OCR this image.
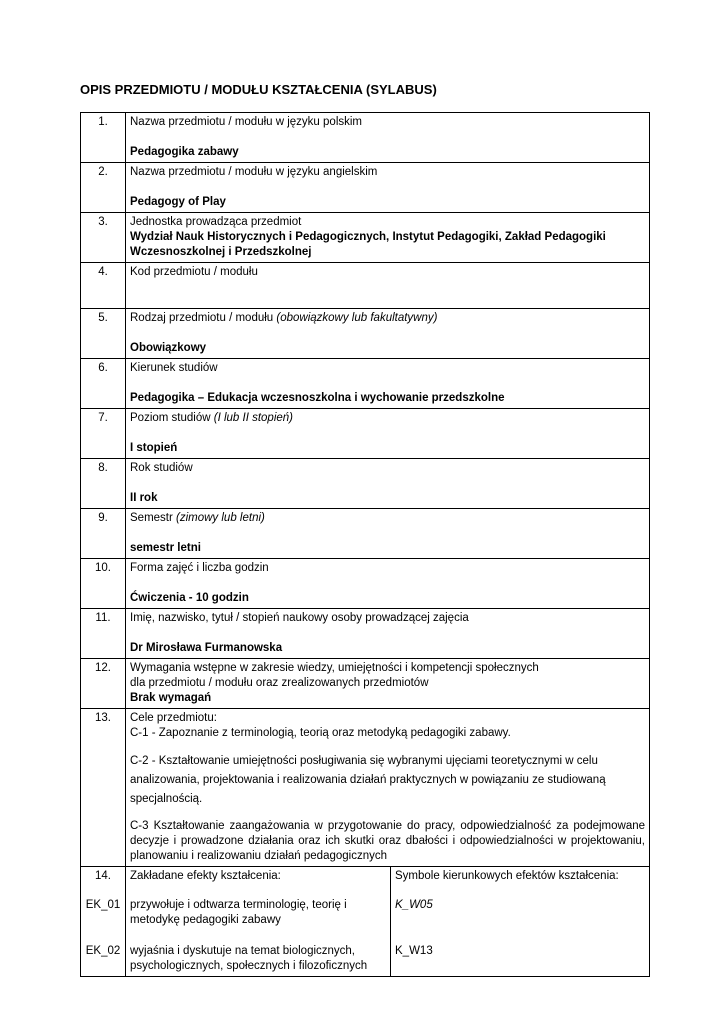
OPIS PRZEDMIOTU / MODUŁU KSZTAŁCENIA (SYLABUS)
1.	Nazwa przedmiotu / modułu w języku polskim
Pedagogika zabawy	

2.	Nazwa przedmiotu / modułu w języku angielskim
Pedagogy of Play	

3.	Jednostka prowadząca przedmiot
Wydział Nauk Historycznych i Pedagogicznych, Instytut Pedagogiki, Zakład Pedagogiki Wczesnoszkolnej i Przedszkolnej	

4.	Kod przedmiotu / modułu	

5.	Rodzaj przedmiotu / modułu (obowiązkowy lub fakultatywny)
Obowiązkowy	

6.	Kierunek studiów
Pedagogika – Edukacja wczesnoszkolna i wychowanie przedszkolne	

7.	Poziom studiów (I lub II stopień)
I stopień	

8.	Rok studiów
II rok	

9.	Semestr (zimowy lub letni)
semestr letni	

10.	Forma zajęć i liczba godzin
Ćwiczenia - 10 godzin	

11.	Imię, nazwisko, tytuł / stopień naukowy osoby prowadzącej zajęcia
Dr Mirosława Furmanowska	

12.	Wymagania wstępne w zakresie wiedzy, umiejętności i kompetencji społecznych
dla przedmiotu / modułu oraz zrealizowanych przedmiotów
Brak wymagań	

13.	Cele przedmiotu:
C-1 - Zapoznanie z terminologią, teorią oraz metodyką pedagogiki zabawy.
C-2 - Kształtowanie umiejętności posługiwania się wybranymi ujęciami teoretycznymi w celu analizowania, projektowania i realizowania działań praktycznych w powiązaniu ze studiowaną specjalnością.
C-3 Kształtowanie zaangażowania w przygotowanie do pracy, odpowiedzialność za podejmowane decyzje i prowadzone działania oraz ich skutki oraz dbałości i odpowiedzialności w projektowaniu, planowaniu i realizowaniu działań pedagogicznych	

14.	Zakładane efekty kształcenia:	Symbole kierunkowych efektów kształcenia:
EK_01	przywołuje i odtwarza terminologię, teorię i metodykę pedagogiki zabawy	K_W05
EK_02	wyjaśnia i dyskutuje na temat biologicznych, psychologicznych, społecznych i filozoficznych	K_W13
